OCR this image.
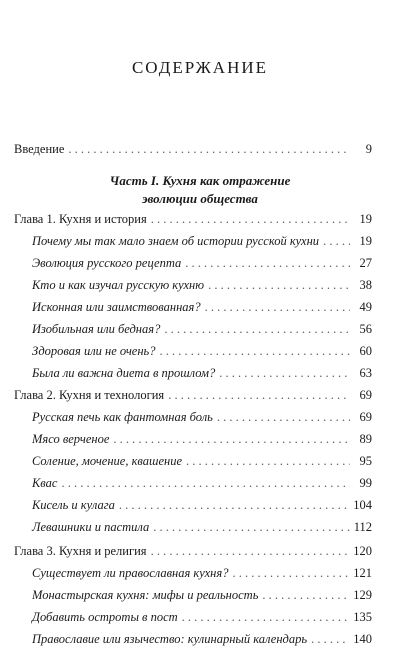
СОДЕРЖАНИЕ
Введение . . .	9
Глава 1. Кухня и история . . .	19
Почему мы так мало знаем об истории русской кухни . . .	19
Эволюция русского рецепта . . .	27
Кто и как изучал русскую кухню . . .	38
Исконная или заимствованная? . . .	49
Изобильная или бедная? . . .	56
Здоровая или не очень? . . .	60
Была ли важна диета в прошлом? . . .	63
Глава 2. Кухня и технология . . .	69
Русская печь как фантомная боль . . .	69
Мясо верченое . . .	89
Соление, мочение, квашение . . .	95
Квас . . .	99
Кисель и кулага . . .	104
Левашники и пастила . . .	112
Глава 3. Кухня и религия . . .	120
Существует ли православная кухня? . . .	121
Монастырская кухня: мифы и реальность . . .	129
Добавить остроты в пост . . .	135
Православие или язычество: кулинарный календарь . . .	140
Часть I. Кухня как отражение
эволюции общества
